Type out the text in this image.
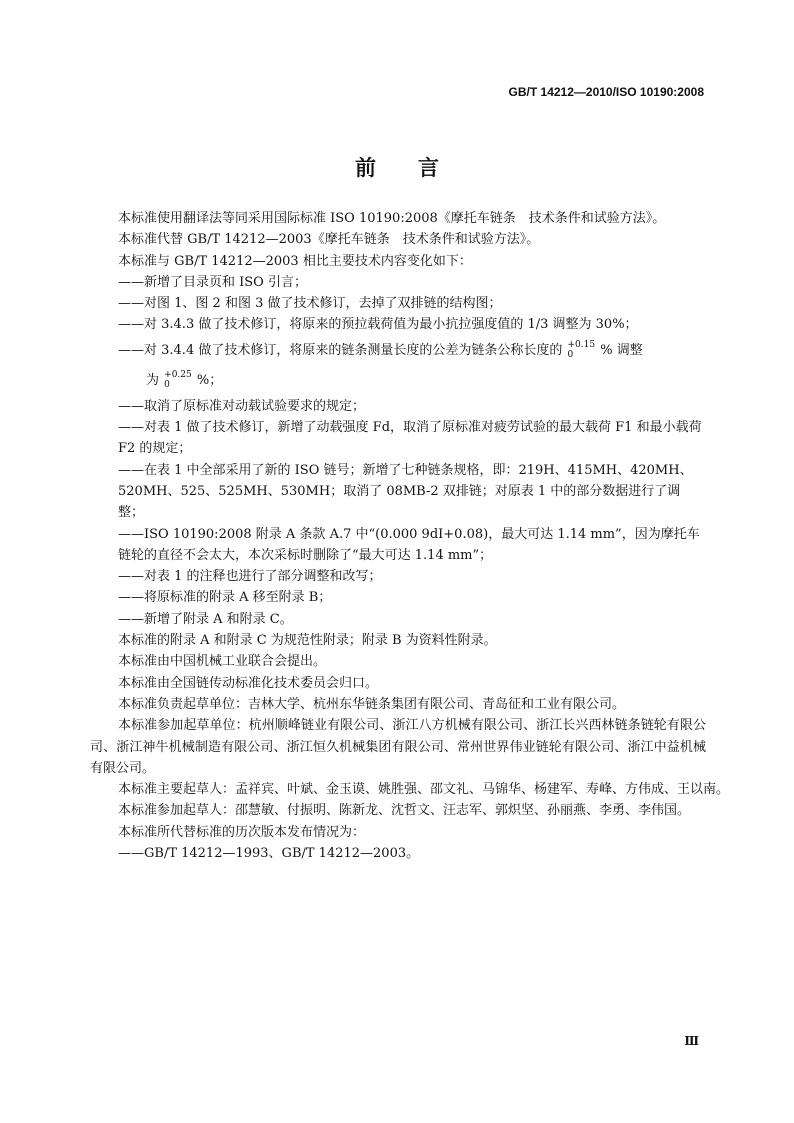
GB/T 14212—2010/ISO 10190:2008
前言
本标准使用翻译法等同采用国际标准 ISO 10190:2008《摩托车链条　技术条件和试验方法》。
本标准代替 GB/T 14212—2003《摩托车链条　技术条件和试验方法》。
本标准与 GB/T 14212—2003 相比主要技术内容变化如下：
——新增了目录页和 ISO 引言；
——对图 1、图 2 和图 3 做了技术修订，去掉了双排链的结构图；
——对 3.4.3 做了技术修订，将原来的预拉载荷值为最小抗拉强度值的 1/3 调整为 30%；
——对 3.4.4 做了技术修订，将原来的链条测量长度的公差为链条公称长度的 +0.15
0	% 调整
为 +0.25
0	%；
——取消了原标准对动载试验要求的规定；
——对表 1 做了技术修订，新增了动载强度 Fd，取消了原标准对疲劳试验的最大载荷 F1 和最小载荷 F2 的规定；
——在表 1 中全部采用了新的 ISO 链号；新增了七种链条规格，即：219H、415MH、420MH、520MH、525、525MH、530MH；取消了 08MB-2 双排链；对原表 1 中的部分数据进行了调整；
——ISO 10190:2008 附录 A 条款 A.7 中“(0.000 9dI+0.08)，最大可达 1.14 mm”，因为摩托车链轮的直径不会太大，本次采标时删除了“最大可达 1.14 mm”；
——对表 1 的注释也进行了部分调整和改写；
——将原标准的附录 A 移至附录 B；
——新增了附录 A 和附录 C。
本标准的附录 A 和附录 C 为规范性附录；附录 B 为资料性附录。
本标准由中国机械工业联合会提出。
本标准由全国链传动标准化技术委员会归口。
本标准负责起草单位：吉林大学、杭州东华链条集团有限公司、青岛征和工业有限公司。
本标准参加起草单位：杭州顺峰链业有限公司、浙江八方机械有限公司、浙江长兴西林链条链轮有限公司、浙江神牛机械制造有限公司、浙江恒久机械集团有限公司、常州世界伟业链轮有限公司、浙江中益机械有限公司。
本标准主要起草人：孟祥宾、叶斌、金玉谟、姚胜强、邵文礼、马锦华、杨建军、寿峰、方伟成、王以南。
本标准参加起草人：邵慧敏、付振明、陈新龙、沈哲文、汪志军、郭炽坚、孙丽燕、李勇、李伟国。
本标准所代替标准的历次版本发布情况为：
——GB/T 14212—1993、GB/T 14212—2003。
Ⅲ
